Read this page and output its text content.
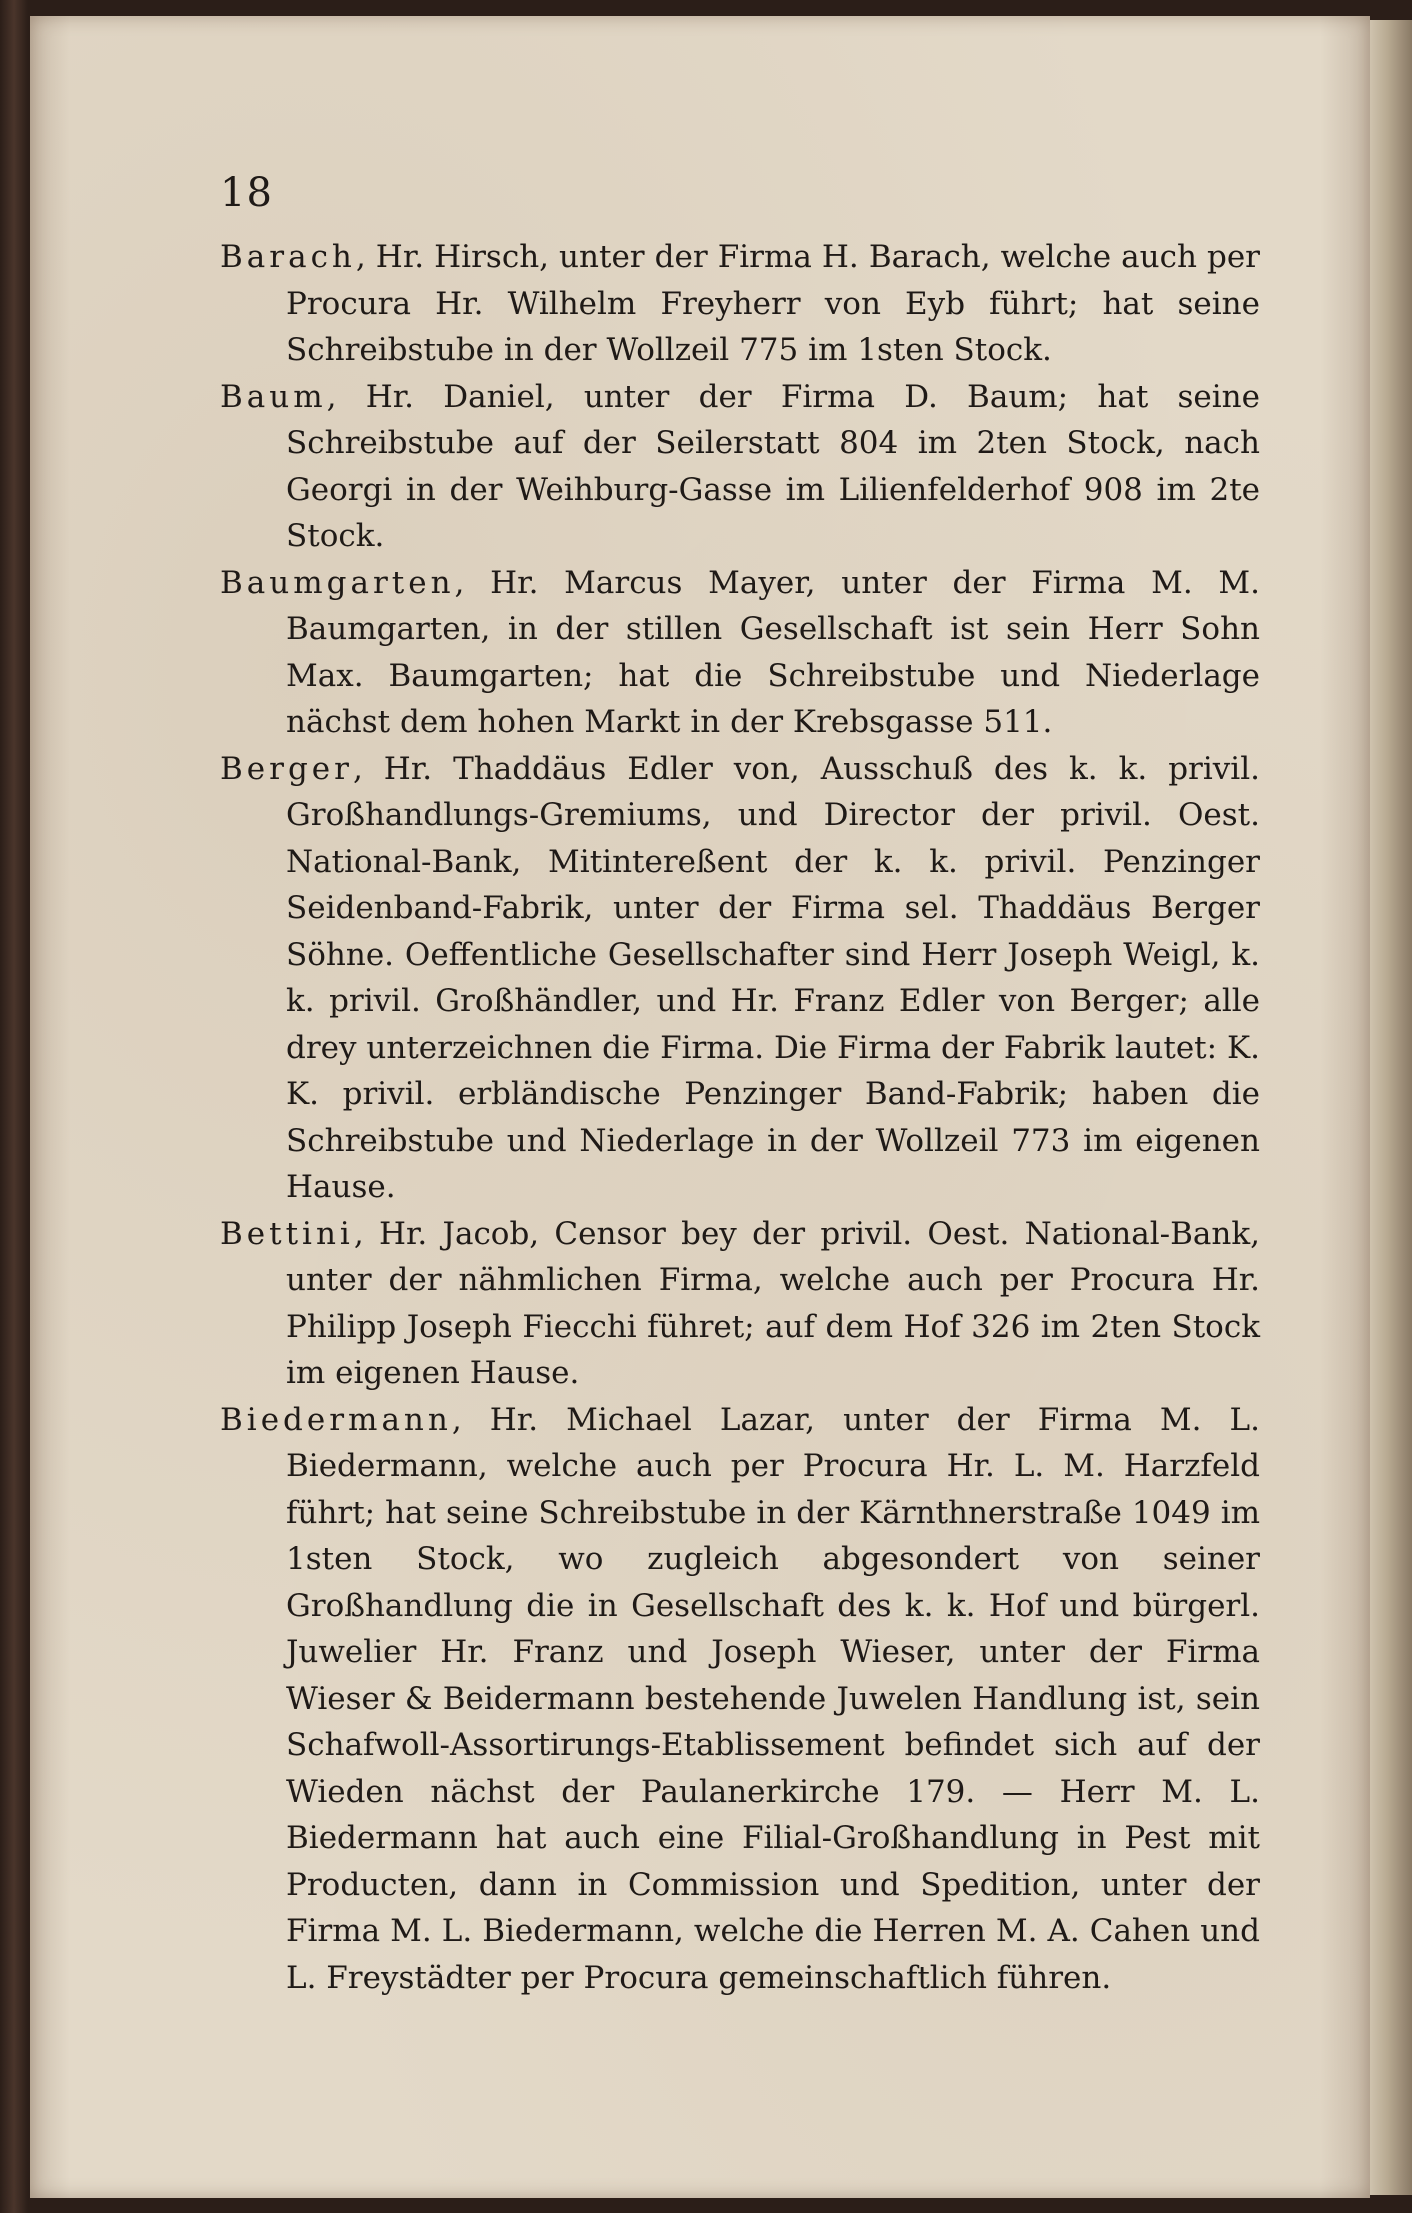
18

Barach, Hr. Hirsch, unter der Firma H. Barach, welche auch per Procura Hr. Wilhelm Freyherr von Eyb führt; hat seine Schreibstube in der Wollzeil 775 im 1sten Stock.

Baum, Hr. Daniel, unter der Firma D. Baum; hat seine Schreibstube auf der Seilerstatt 804 im 2ten Stock, nach Georgi in der Weihburg-Gasse im Lilienfelderhof 908 im 2te Stock.

Baumgarten, Hr. Marcus Mayer, unter der Firma M. M. Baumgarten, in der stillen Gesellschaft ist sein Herr Sohn Max. Baumgarten; hat die Schreibstube und Niederlage nächst dem hohen Markt in der Krebsgasse 511.

Berger, Hr. Thaddäus Edler von, Ausschuß des k. k. privil. Großhandlungs-Gremiums, und Director der privil. Oest. National-Bank, Mitintereßent der k. k. privil. Penzinger Seidenband-Fabrik, unter der Firma sel. Thaddäus Berger Söhne. Oeffentliche Gesellschafter sind Herr Joseph Weigl, k. k. privil. Großhändler, und Hr. Franz Edler von Berger; alle drey unterzeichnen die Firma. Die Firma der Fabrik lautet: K. K. privil. erbländische Penzinger Band-Fabrik; haben die Schreibstube und Niederlage in der Wollzeil 773 im eigenen Hause.

Bettini, Hr. Jacob, Censor bey der privil. Oest. National-Bank, unter der nähmlichen Firma, welche auch per Procura Hr. Philipp Joseph Fiecchi führet; auf dem Hof 326 im 2ten Stock im eigenen Hause.

Biedermann, Hr. Michael Lazar, unter der Firma M. L. Biedermann, welche auch per Procura Hr. L. M. Harzfeld führt; hat seine Schreibstube in der Kärnthnerstraße 1049 im 1sten Stock, wo zugleich abgesondert von seiner Großhandlung die in Gesellschaft des k. k. Hof und bürgerl. Juwelier Hr. Franz und Joseph Wieser, unter der Firma Wieser & Beidermann bestehende Juwelen Handlung ist, sein Schafwoll-Assortirungs-Etablissement befindet sich auf der Wieden nächst der Paulanerkirche 179. — Herr M. L. Biedermann hat auch eine Filial-Großhandlung in Pest mit Producten, dann in Commission und Spedition, unter der Firma M. L. Biedermann, welche die Herren M. A. Cahen und L. Freystädter per Procura gemeinschaftlich führen.
